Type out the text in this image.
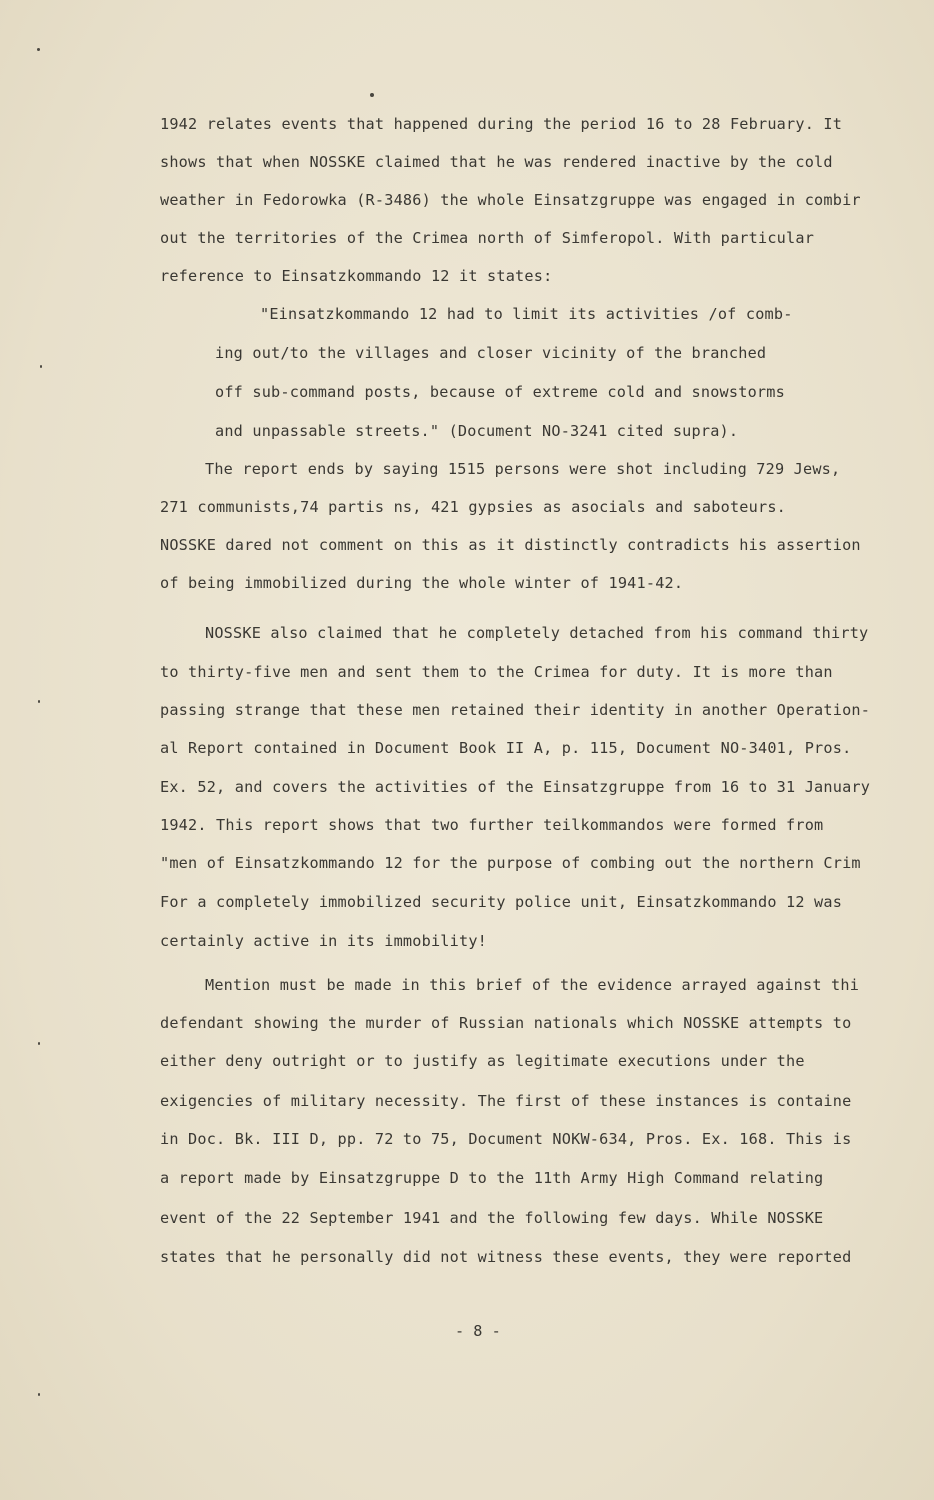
1942 relates events that happened during the period 16 to 28 February. It
shows that when NOSSKE claimed that he was rendered inactive by the cold
weather in Fedorowka (R-3486) the whole Einsatzgruppe was engaged in combir
out the territories of the Crimea north of Simferopol. With particular
reference to Einsatzkommando 12 it states:
"Einsatzkommando 12 had to limit its activities /of comb-
ing out/to the villages and closer vicinity of the branched
off sub-command posts, because of extreme cold and snowstorms
and unpassable streets." (Document NO-3241 cited supra).
The report ends by saying 1515 persons were shot including 729 Jews,
271 communists,74 partis ns, 421 gypsies as asocials and saboteurs.
NOSSKE dared not comment on this as it distinctly contradicts his assertion
of being immobilized during the whole winter of 1941-42.
NOSSKE also claimed that he completely detached from his command thirty
to thirty-five men and sent them to the Crimea for duty. It is more than
passing strange that these men retained their identity in another Operation-
al Report contained in Document Book II A, p. 115, Document NO-3401, Pros.
Ex. 52, and covers the activities of the Einsatzgruppe from 16 to 31 January
1942. This report shows that two further teilkommandos were formed from
"men of Einsatzkommando 12 for the purpose of combing out the northern Crim
For a completely immobilized security police unit, Einsatzkommando 12 was
certainly active in its immobility!
Mention must be made in this brief of the evidence arrayed against thi
defendant showing the murder of Russian nationals which NOSSKE attempts to
either deny outright or to justify as legitimate executions under the
exigencies of military necessity. The first of these instances is containe
in Doc. Bk. III D, pp. 72 to 75, Document NOKW-634, Pros. Ex. 168. This is
a report made by Einsatzgruppe D to the 11th Army High Command relating
event of the 22 September 1941 and the following few days. While NOSSKE
states that he personally did not witness these events, they were reported
- 8 -
